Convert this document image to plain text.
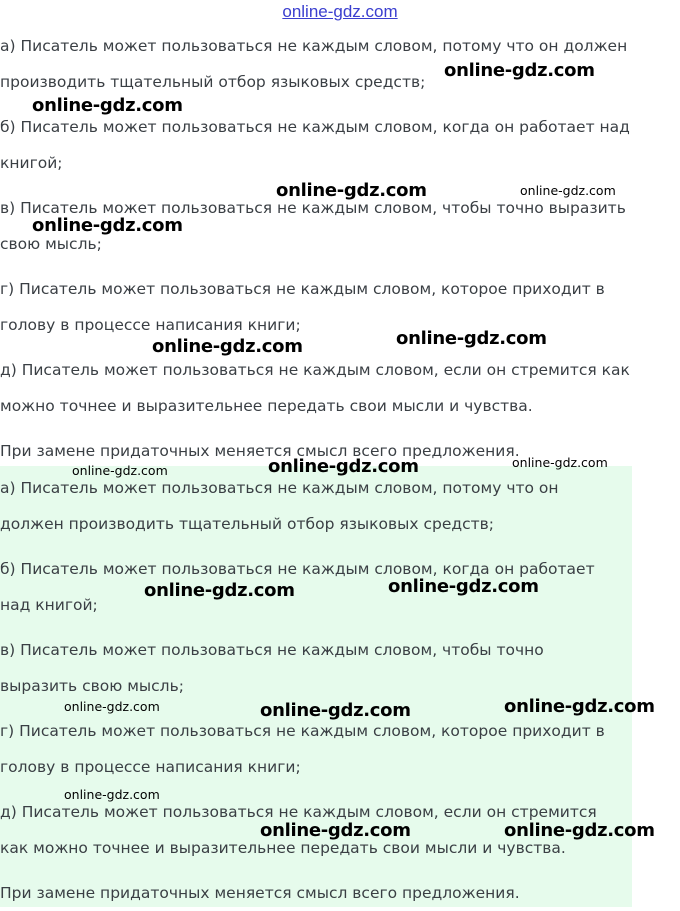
online-gdz.com

а) Писатель может пользоваться не каждым словом, потому что он должен
производить тщательный отбор языковых средств;

б) Писатель может пользоваться не каждым словом, когда он работает над
книгой;

в) Писатель может пользоваться не каждым словом, чтобы точно выразить
свою мысль;

г) Писатель может пользоваться не каждым словом, которое приходит в
голову в процессе написания книги;

д) Писатель может пользоваться не каждым словом, если он стремится как
можно точнее и выразительнее передать свои мысли и чувства.

При замене придаточных меняется смысл всего предложения.

а) Писатель может пользоваться не каждым словом, потому что он
должен производить тщательный отбор языковых средств;

б) Писатель может пользоваться не каждым словом, когда он работает
над книгой;

в) Писатель может пользоваться не каждым словом, чтобы точно
выразить свою мысль;

г) Писатель может пользоваться не каждым словом, которое приходит в
голову в процессе написания книги;

д) Писатель может пользоваться не каждым словом, если он стремится
как можно точнее и выразительнее передать свои мысли и чувства.

При замене придаточных меняется смысл всего предложения.

online-gdz.com
online-gdz.com
online-gdz.com	online-gdz.com
online-gdz.com
online-gdz.com
online-gdz.com
online-gdz.com	online-gdz.com	online-gdz.com
online-gdz.com	online-gdz.com
online-gdz.com	online-gdz.com	online-gdz.com
online-gdz.com
online-gdz.com	online-gdz.com
